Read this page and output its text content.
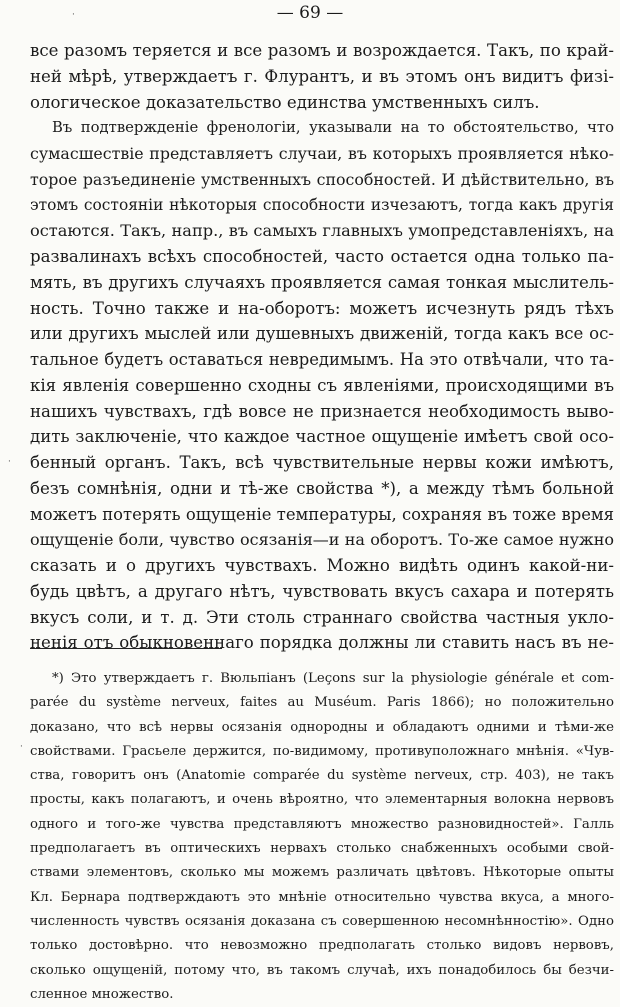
— 69 —
·
·
·
все разомъ теряется и все разомъ и возрождается. Такъ, по край-
ней мѣрѣ, утверждаетъ г. Флурантъ, и въ этомъ онъ видитъ физі-
ологическое доказательство единства умственныхъ силъ.
Въ подтвержденіе френологіи, указывали на то обстоятельство, что
сумасшествіе представляетъ случаи, въ которыхъ проявляется нѣко-
торое разъединеніе умственныхъ способностей. И дѣйствительно, въ
этомъ состояніи нѣкоторыя способности изчезаютъ, тогда какъ другія
остаются. Такъ, напр., въ самыхъ главныхъ умопредставленіяхъ, на
развалинахъ всѣхъ способностей, часто остается одна только па-
мять, въ другихъ случаяхъ проявляется самая тонкая мыслитель-
ность. Точно также и на-оборотъ: можетъ исчезнуть рядъ тѣхъ
или другихъ мыслей или душевныхъ движеній, тогда какъ все ос-
тальное будетъ оставаться невредимымъ. На это отвѣчали, что та-
кія явленія совершенно сходны съ явленіями, происходящими въ
нашихъ чувствахъ, гдѣ вовсе не признается необходимость выво-
дить заключеніе, что каждое частное ощущеніе имѣетъ свой осо-
бенный органъ. Такъ, всѣ чувствительные нервы кожи имѣютъ,
безъ сомнѣнія, одни и тѣ-же свойства *), а между тѣмъ больной
можетъ потерять ощущеніе температуры, сохраняя въ тоже время
ощущеніе боли, чувство осязанія—и на оборотъ. То-же самое нужно
сказать и о другихъ чувствахъ. Можно видѣть одинъ какой-ни-
будь цвѣтъ, а другаго нѣтъ, чувствовать вкусъ сахара и потерять
вкусъ соли, и т. д. Эти столь страннаго свойства частныя уклo-
ненія отъ обыкновеннаго порядка должны ли ставить насъ въ не-
*) Это утверждаетъ г. Вюльпіанъ (Leçons sur la physiologie générale et com-
parée du système nerveux, faites au Muséum. Paris 1866); но положительно
доказано, что всѣ нервы осязанія однородны и обладаютъ одними и тѣми-же
свойствами. Грасьеле держится, по-видимому, противуположнаго мнѣнія. «Чув-
ства, говоритъ онъ (Anatomie comparée du système nerveux, стр. 403), не такъ
просты, какъ полагаютъ, и очень вѣроятно, что элементарныя волокна нервовъ
одного и того-же чувства представляютъ множество разновидностей». Галль
предполагаетъ въ оптическихъ нервахъ столько снабженныхъ особыми свой-
ствами элементовъ, сколько мы можемъ различать цвѣтовъ. Нѣкоторые опыты
Кл. Бернара подтверждаютъ это мнѣніе относительно чувства вкуса, а много-
численность чувствъ осязанія доказана съ совершенною несомнѣнностію». Одно
только достовѣрно. что невозможно предполагать столько видовъ нервовъ,
сколько ощущеній, потому что, въ такомъ случаѣ, ихъ понадобилось бы безчи-
сленное множество.
